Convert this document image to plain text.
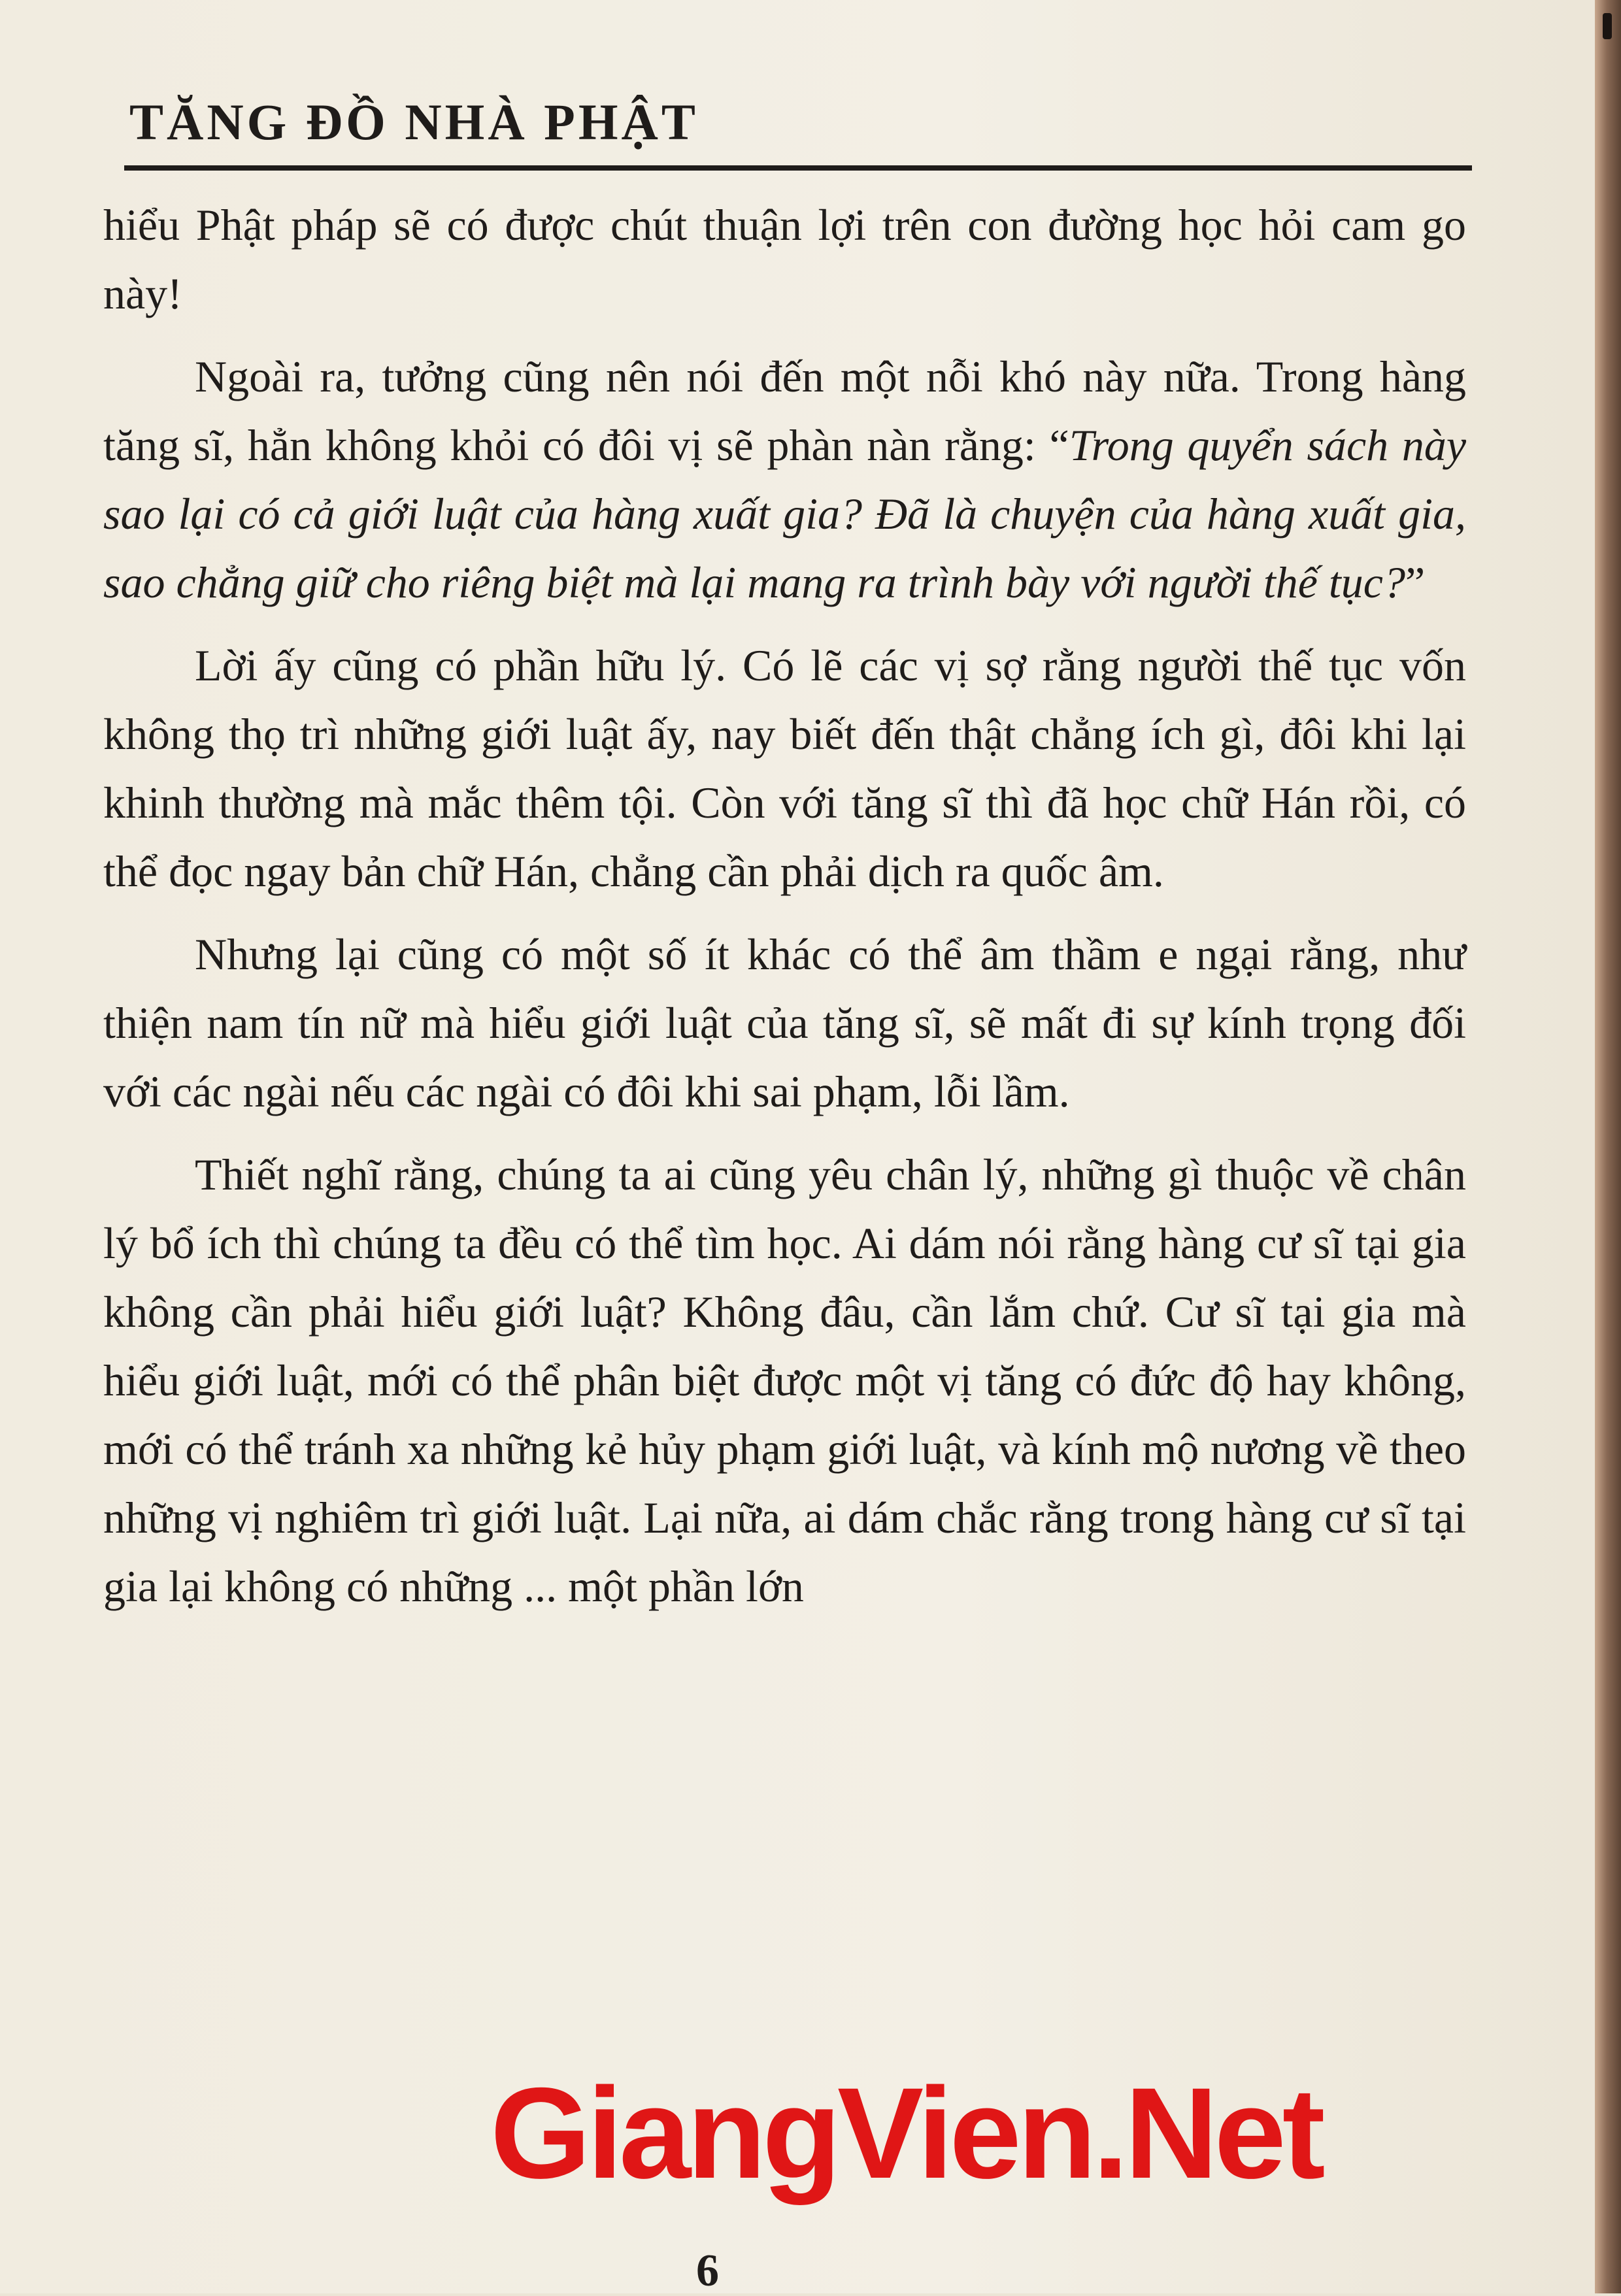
TĂNG ĐỒ NHÀ PHẬT

hiểu Phật pháp sẽ có được chút thuận lợi trên con đường học hỏi cam go này!

Ngoài ra, tưởng cũng nên nói đến một nỗi khó này nữa. Trong hàng tăng sĩ, hẳn không khỏi có đôi vị sẽ phàn nàn rằng: “Trong quyển sách này sao lại có cả giới luật của hàng xuất gia? Đã là chuyện của hàng xuất gia, sao chẳng giữ cho riêng biệt mà lại mang ra trình bày với người thế tục?”

Lời ấy cũng có phần hữu lý. Có lẽ các vị sợ rằng người thế tục vốn không thọ trì những giới luật ấy, nay biết đến thật chẳng ích gì, đôi khi lại khinh thường mà mắc thêm tội. Còn với tăng sĩ thì đã học chữ Hán rồi, có thể đọc ngay bản chữ Hán, chẳng cần phải dịch ra quốc âm.

Nhưng lại cũng có một số ít khác có thể âm thầm e ngại rằng, như thiện nam tín nữ mà hiểu giới luật của tăng sĩ, sẽ mất đi sự kính trọng đối với các ngài nếu các ngài có đôi khi sai phạm, lỗi lầm.

Thiết nghĩ rằng, chúng ta ai cũng yêu chân lý, những gì thuộc về chân lý bổ ích thì chúng ta đều có thể tìm học. Ai dám nói rằng hàng cư sĩ tại gia không cần phải hiểu giới luật? Không đâu, cần lắm chứ. Cư sĩ tại gia mà hiểu giới luật, mới có thể phân biệt được một vị tăng có đức độ hay không, mới có thể tránh xa những kẻ hủy phạm giới luật, và kính mộ nương về theo những vị nghiêm trì giới luật. Lại nữa, ai dám chắc rằng trong hàng cư sĩ tại gia lại không có những ... một phần lớn

6
GiangVien.Net
